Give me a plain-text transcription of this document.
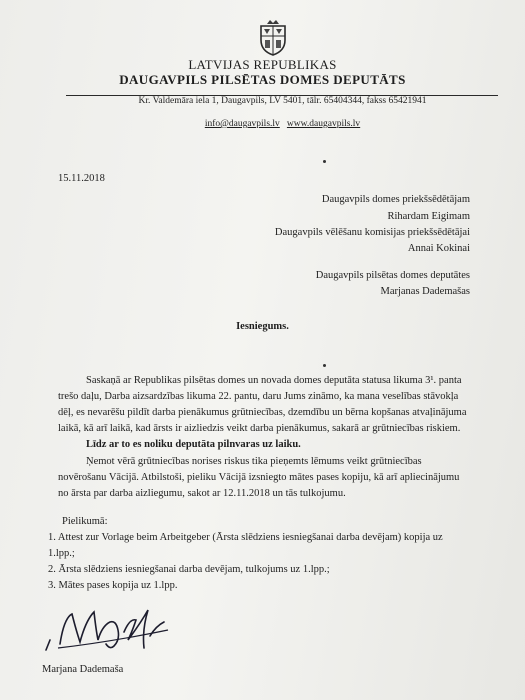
LATVIJAS REPUBLIKAS
DAUGAVPILS PILSĒTAS DOMES DEPUTĀTS
Kr. Valdemāra iela 1, Daugavpils, LV 5401, tālr. 65404344, fakss 65421941
info@daugavpils.lv www.daugavpils.lv
15.11.2018
Daugavpils domes priekšsēdētājam
Rihardam Eigimam
Daugavpils vēlēšanu komisijas priekšsēdētājai
Annai Kokinai
Daugavpils pilsētas domes deputātes
Marjanas Dademašas
Iesniegums.
Saskaņā ar Republikas pilsētas domes un novada domes deputāta statusa likuma 3¹. panta
trešo daļu, Darba aizsardzības likuma 22. pantu, daru Jums zināmo, ka mana veselības stāvokļa
dēļ, es nevarēšu pildīt darba pienākumus grūtniecības, dzemdību un bērna kopšanas atvaļinājuma
laikā, kā arī laikā, kad ārsts ir aizliedzis veikt darba pienākumus, sakarā ar grūtniecības riskiem.
Līdz ar to es noliku deputāta pilnvaras uz laiku.
Ņemot vērā grūtniecības norises riskus tika pieņemts lēmums veikt grūtniecības
novērošanu Vācijā. Atbilstoši, pieliku Vācijā izsniegto mātes pases kopiju, kā arī apliecinājumu
no ārsta par darba aizliegumu, sakot ar 12.11.2018 un tās tulkojumu.
Pielikumā:
1. Attest zur Vorlage beim Arbeitgeber (Ārsta slēdziens iesniegšanai darba devējam) kopija uz
1.lpp.;
2. Ārsta slēdziens iesniegšanai darba devējam, tulkojums uz 1.lpp.;
3. Mātes pases kopija uz 1.lpp.
Marjana Dademaša
